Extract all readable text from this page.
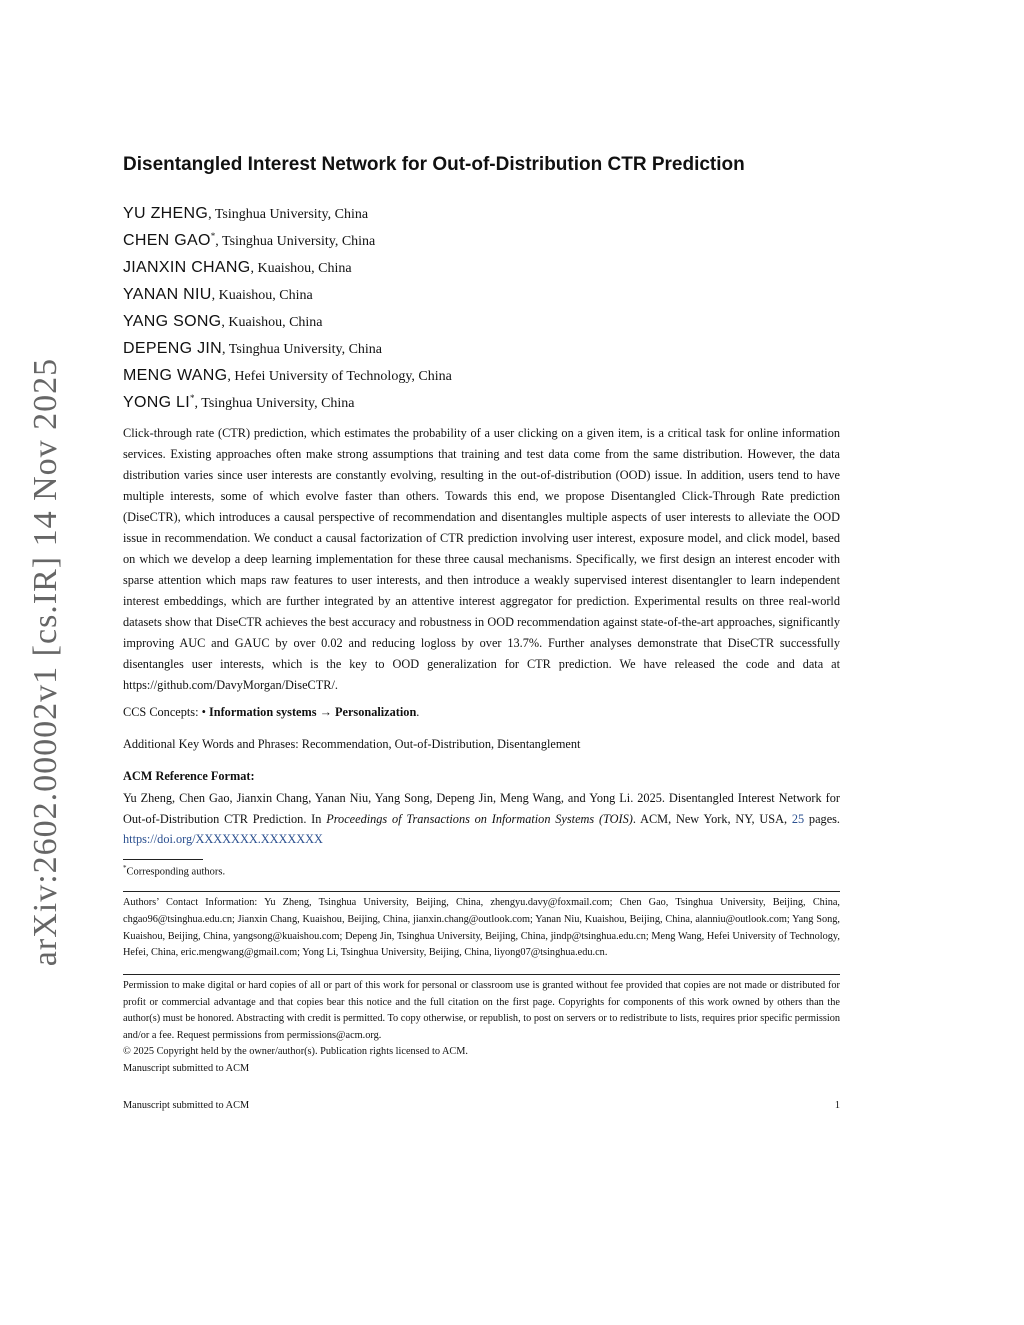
arXiv:2602.00002v1 [cs.IR] 14 Nov 2025
Disentangled Interest Network for Out-of-Distribution CTR Prediction
YU ZHENG, Tsinghua University, China
CHEN GAO*, Tsinghua University, China
JIANXIN CHANG, Kuaishou, China
YANAN NIU, Kuaishou, China
YANG SONG, Kuaishou, China
DEPENG JIN, Tsinghua University, China
MENG WANG, Hefei University of Technology, China
YONG LI*, Tsinghua University, China
Click-through rate (CTR) prediction, which estimates the probability of a user clicking on a given item, is a critical task for online information services. Existing approaches often make strong assumptions that training and test data come from the same distribution. However, the data distribution varies since user interests are constantly evolving, resulting in the out-of-distribution (OOD) issue. In addition, users tend to have multiple interests, some of which evolve faster than others. Towards this end, we propose Disentangled Click-Through Rate prediction (DiseCTR), which introduces a causal perspective of recommendation and disentangles multiple aspects of user interests to alleviate the OOD issue in recommendation. We conduct a causal factorization of CTR prediction involving user interest, exposure model, and click model, based on which we develop a deep learning implementation for these three causal mechanisms. Specifically, we first design an interest encoder with sparse attention which maps raw features to user interests, and then introduce a weakly supervised interest disentangler to learn independent interest embeddings, which are further integrated by an attentive interest aggregator for prediction. Experimental results on three real-world datasets show that DiseCTR achieves the best accuracy and robustness in OOD recommendation against state-of-the-art approaches, significantly improving AUC and GAUC by over 0.02 and reducing logloss by over 13.7%. Further analyses demonstrate that DiseCTR successfully disentangles user interests, which is the key to OOD generalization for CTR prediction. We have released the code and data at https://github.com/DavyMorgan/DiseCTR/.
CCS Concepts: • Information systems → Personalization.
Additional Key Words and Phrases: Recommendation, Out-of-Distribution, Disentanglement
ACM Reference Format:
Yu Zheng, Chen Gao, Jianxin Chang, Yanan Niu, Yang Song, Depeng Jin, Meng Wang, and Yong Li. 2025. Disentangled Interest Network for Out-of-Distribution CTR Prediction. In Proceedings of Transactions on Information Systems (TOIS). ACM, New York, NY, USA, 25 pages. https://doi.org/XXXXXXX.XXXXXXX
*Corresponding authors.
Authors’ Contact Information: Yu Zheng, Tsinghua University, Beijing, China, zhengyu.davy@foxmail.com; Chen Gao, Tsinghua University, Beijing, China, chgao96@tsinghua.edu.cn; Jianxin Chang, Kuaishou, Beijing, China, jianxin.chang@outlook.com; Yanan Niu, Kuaishou, Beijing, China, alanniu@outlook.com; Yang Song, Kuaishou, Beijing, China, yangsong@kuaishou.com; Depeng Jin, Tsinghua University, Beijing, China, jindp@tsinghua.edu.cn; Meng Wang, Hefei University of Technology, Hefei, China, eric.mengwang@gmail.com; Yong Li, Tsinghua University, Beijing, China, liyong07@tsinghua.edu.cn.
Permission to make digital or hard copies of all or part of this work for personal or classroom use is granted without fee provided that copies are not made or distributed for profit or commercial advantage and that copies bear this notice and the full citation on the first page. Copyrights for components of this work owned by others than the author(s) must be honored. Abstracting with credit is permitted. To copy otherwise, or republish, to post on servers or to redistribute to lists, requires prior specific permission and/or a fee. Request permissions from permissions@acm.org.
© 2025 Copyright held by the owner/author(s). Publication rights licensed to ACM.
Manuscript submitted to ACM
Manuscript submitted to ACM	1
